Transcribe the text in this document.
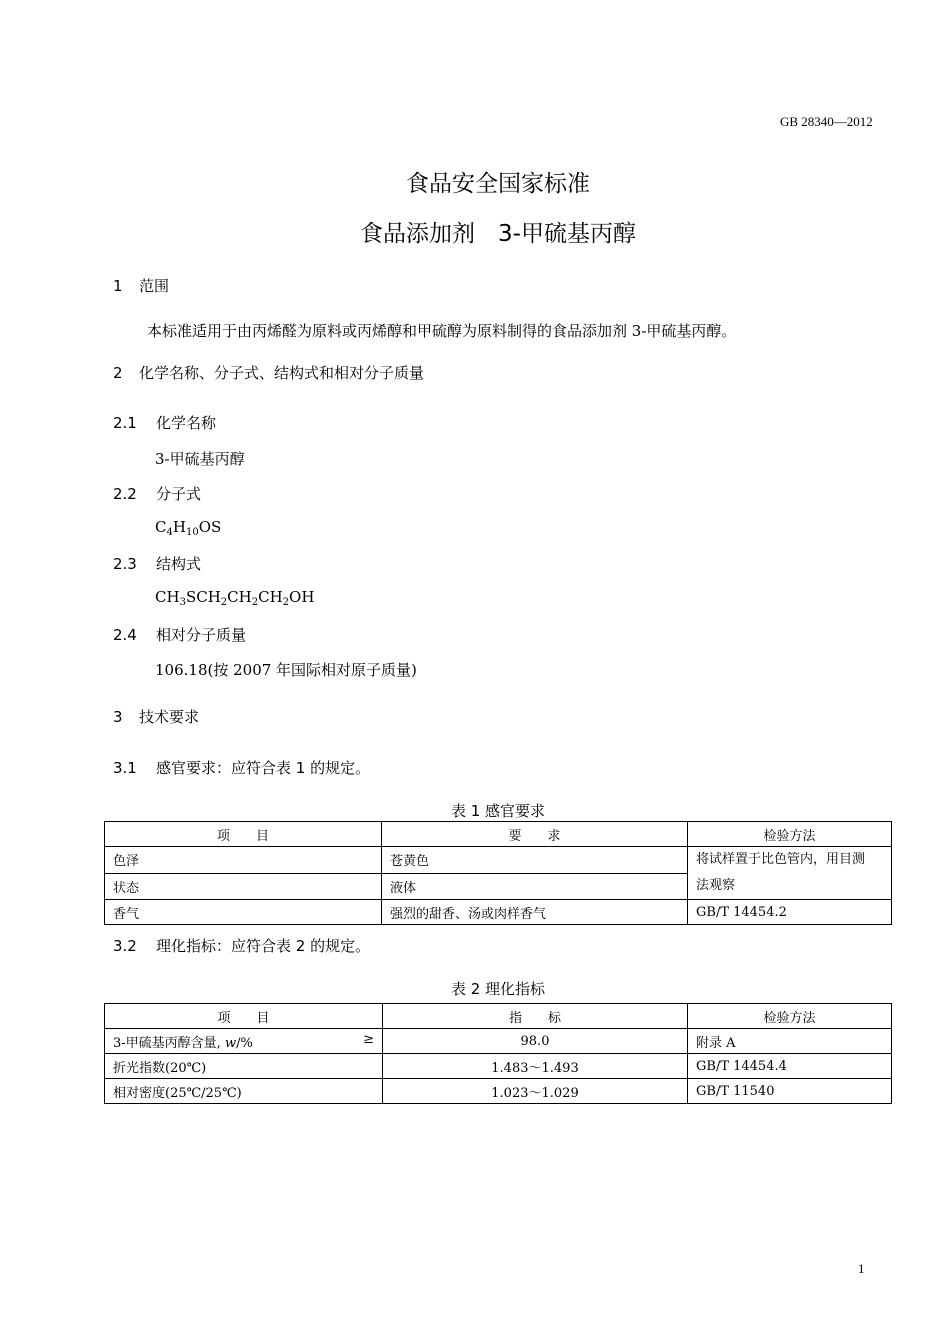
GB 28340—2012
食品安全国家标准
食品添加剂　3-甲硫基丙醇
1 范围
本标准适用于由丙烯醛为原料或丙烯醇和甲硫醇为原料制得的食品添加剂 3-甲硫基丙醇。
2 化学名称、分子式、结构式和相对分子质量
2.1 化学名称
3-甲硫基丙醇
2.2 分子式
$C_4H_{10}OS$
2.3 结构式
$CH_3SCH_2CH_2CH_2OH$
2.4 相对分子质量
106.18(按 2007 年国际相对原子质量)
3 技术要求
3.1 感官要求：应符合表 1 的规定。
表 1 感官要求
项　　目	要　　求	检验方法
色泽	苍黄色	将试样置于比色管内，用目测
法观察
状态	液体	
香气	强烈的甜香、汤或肉样香气	GB/T 14454.2
3.2 理化指标：应符合表 2 的规定。
表 2 理化指标
项　　目	指　　标	检验方法
3-甲硫基丙醇含量, w/% ≥	98.0	附录 A
折光指数(20℃)	1.483～1.493	GB/T 14454.4
相对密度(25℃/25℃)	1.023～1.029	GB/T 11540
1
